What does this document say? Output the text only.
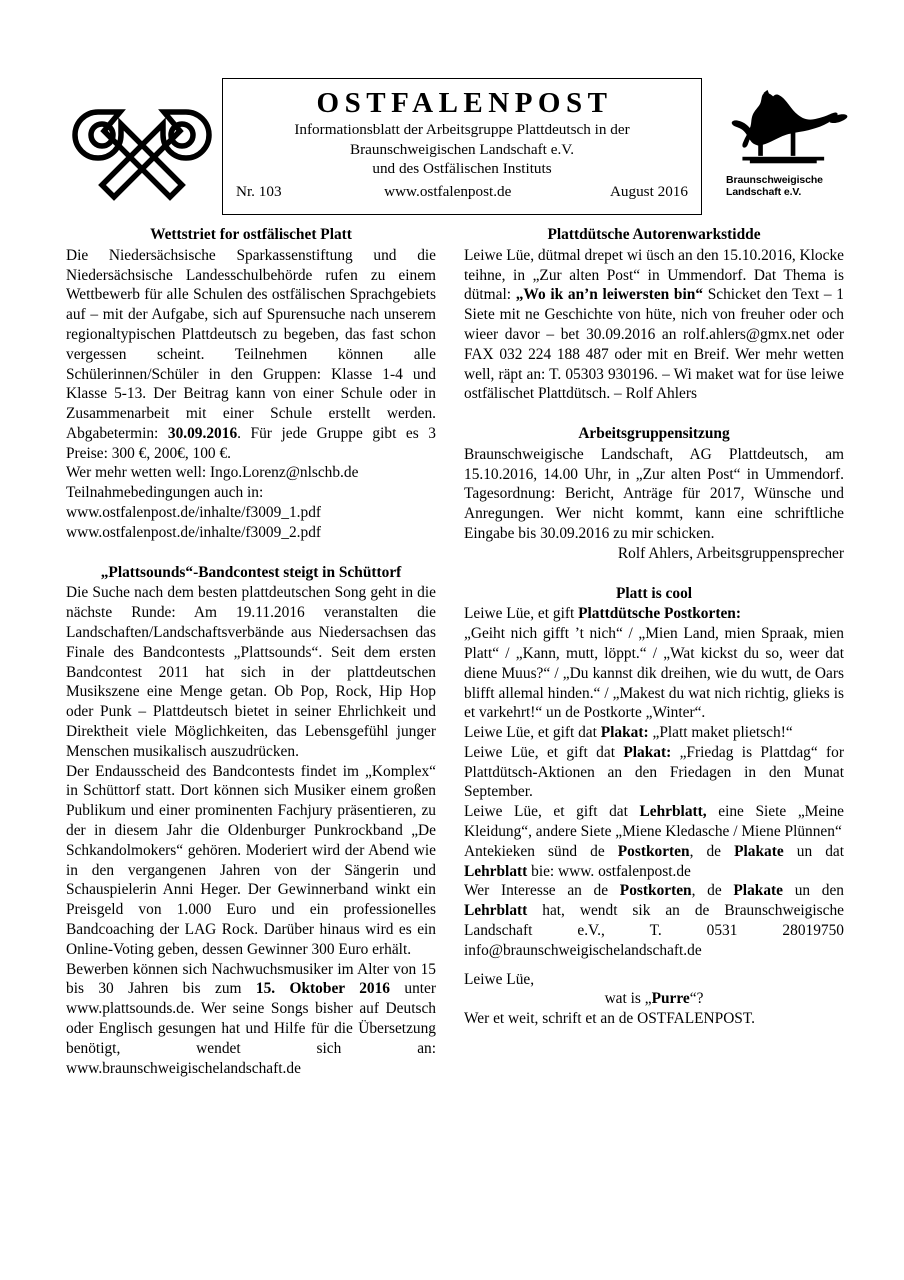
OSTFALENPOST
Informationsblatt der Arbeitsgruppe Plattdeutsch in der
Braunschweigischen Landschaft e.V.
und des Ostfälischen Instituts
Nr. 103	www.ostfalenpost.de	August 2016
Braunschweigische
Landschaft e.V.
Wettstriet for ostfälischet Platt

Die Niedersächsische Sparkassenstiftung und die Niedersächsische Landesschulbehörde rufen zu einem Wettbewerb für alle Schulen des ostfälischen Sprachgebiets auf – mit der Aufgabe, sich auf Spurensuche nach unserem regionaltypischen Plattdeutsch zu begeben, das fast schon vergessen scheint. Teilnehmen können alle Schülerinnen/Schüler in den Gruppen: Klasse 1-4 und Klasse 5-13. Der Beitrag kann von einer Schule oder in Zusammenarbeit mit einer Schule erstellt werden. Abgabetermin: 30.09.2016. Für jede Gruppe gibt es 3 Preise: 300 €, 200€, 100 €.

Wer mehr wetten well: Ingo.Lorenz@nlschb.de

Teilnahmebedingungen auch in:

www.ostfalenpost.de/inhalte/f3009_1.pdf

www.ostfalenpost.de/inhalte/f3009_2.pdf

„Plattsounds“-Bandcontest steigt in Schüttorf

Die Suche nach dem besten plattdeutschen Song geht in die nächste Runde: Am 19.11.2016 veranstalten die Landschaften/Landschaftsverbände aus Niedersachsen das Finale des Bandcontests „Plattsounds“. Seit dem ersten Bandcontest 2011 hat sich in der plattdeutschen Musikszene eine Menge getan. Ob Pop, Rock, Hip Hop oder Punk – Plattdeutsch bietet in seiner Ehrlichkeit und Direktheit viele Möglichkeiten, das Lebensgefühl junger Menschen musikalisch auszudrücken.

Der Endausscheid des Bandcontests findet im „Komplex“ in Schüttorf statt. Dort können sich Musiker einem großen Publikum und einer prominenten Fachjury präsentieren, zu der in diesem Jahr die Oldenburger Punkrockband „De Schkandolmokers“ gehören. Moderiert wird der Abend wie in den vergangenen Jahren von der Sängerin und Schauspielerin Anni Heger. Der Gewinnerband winkt ein Preisgeld von 1.000 Euro und ein professionelles Bandcoaching der LAG Rock. Darüber hinaus wird es ein Online-Voting geben, dessen Gewinner 300 Euro erhält.

Bewerben können sich Nachwuchsmusiker im Alter von 15 bis 30 Jahren bis zum 15. Oktober 2016 unter www.plattsounds.de. Wer seine Songs bisher auf Deutsch oder Englisch gesungen hat und Hilfe für die Übersetzung benötigt, wendet sich an: www.braunschweigischelandschaft.de

Plattdütsche Autorenwarkstidde

Leiwe Lüe, dütmal drepet wi üsch an den 15.10.2016, Klocke teihne, in „Zur alten Post“ in Ummendorf. Dat Thema is dütmal: „Wo ik an’n leiwersten bin“ Schicket den Text – 1 Siete mit ne Geschichte von hüte, nich von freuher oder och wieer davor – bet 30.09.2016 an rolf.ahlers@gmx.net oder FAX 032 224 188 487 oder mit en Breif. Wer mehr wetten well, räpt an: T. 05303 930196. – Wi maket wat for üse leiwe ostfälischet Plattdütsch. – Rolf Ahlers

Arbeitsgruppensitzung

Braunschweigische Landschaft, AG Plattdeutsch, am 15.10.2016, 14.00 Uhr, in „Zur alten Post“ in Ummendorf. Tagesordnung: Bericht, Anträge für 2017, Wünsche und Anregungen. Wer nicht kommt, kann eine schriftliche Eingabe bis 30.09.2016 zu mir schicken.

Rolf Ahlers, Arbeitsgruppensprecher

Platt is cool

Leiwe Lüe, et gift Plattdütsche Postkorten:

„Geiht nich gifft ’t nich“ / „Mien Land, mien Spraak, mien Platt“ / „Kann, mutt, löppt.“ / „Wat kickst du so, weer dat diene Muus?“ / „Du kannst dik dreihen, wie du wutt, de Oars blifft allemal hinden.“ / „Makest du wat nich richtig, glieks is et varkehrt!“ un de Postkorte „Winter“.

Leiwe Lüe, et gift dat Plakat: „Platt maket plietsch!“

Leiwe Lüe, et gift dat Plakat: „Friedag is Plattdag“ for Plattdütsch-Aktionen an den Friedagen in den Munat September.

Leiwe Lüe, et gift dat Lehrblatt, eine Siete „Meine Kleidung“, andere Siete „Miene Kledasche / Miene Plünnen“

Antekieken sünd de Postkorten, de Plakate un dat Lehrblatt bie: www. ostfalenpost.de

Wer Interesse an de Postkorten, de Plakate un den Lehrblatt hat, wendt sik an de Braunschweigische Landschaft e.V., T. 0531 28019750 info@braunschweigischelandschaft.de

Leiwe Lüe,

wat is „Purre“?

Wer et weit, schrift et an de OSTFALENPOST.
